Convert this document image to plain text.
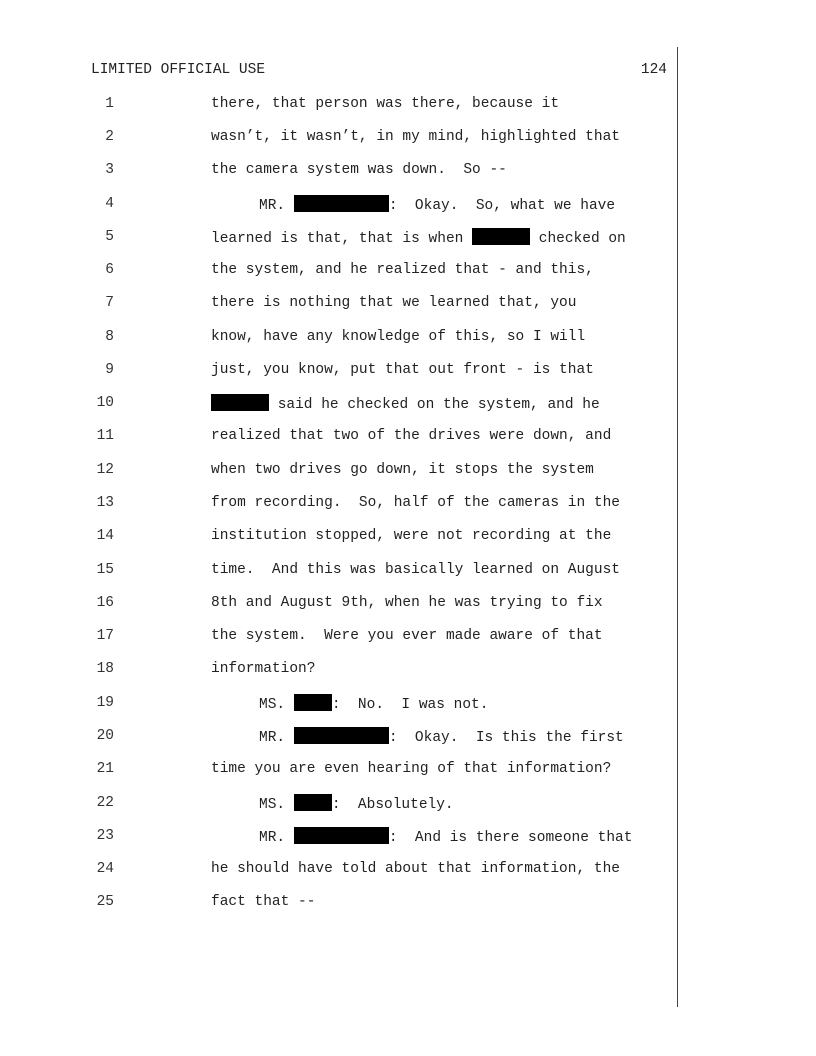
LIMITED OFFICIAL USE	124
1	there, that person was there, because it
2	wasn’t, it wasn’t, in my mind, highlighted that
3	the camera system was down.  So --
4	MR.	:  Okay.  So, what we have
5	learned is that, that is when	checked on
6	the system, and he realized that - and this,
7	there is nothing that we learned that, you
8	know, have any knowledge of this, so I will
9	just, you know, put that out front - is that
10	said he checked on the system, and he
11	realized that two of the drives were down, and
12	when two drives go down, it stops the system
13	from recording.  So, half of the cameras in the
14	institution stopped, were not recording at the
15	time.  And this was basically learned on August
16	8th and August 9th, when he was trying to fix
17	the system.  Were you ever made aware of that
18	information?
19	MS.	:  No.  I was not.
20	MR.	:  Okay.  Is this the first
21	time you are even hearing of that information?
22	MS.	:  Absolutely.
23	MR.	:  And is there someone that
24	he should have told about that information, the
25	fact that --
